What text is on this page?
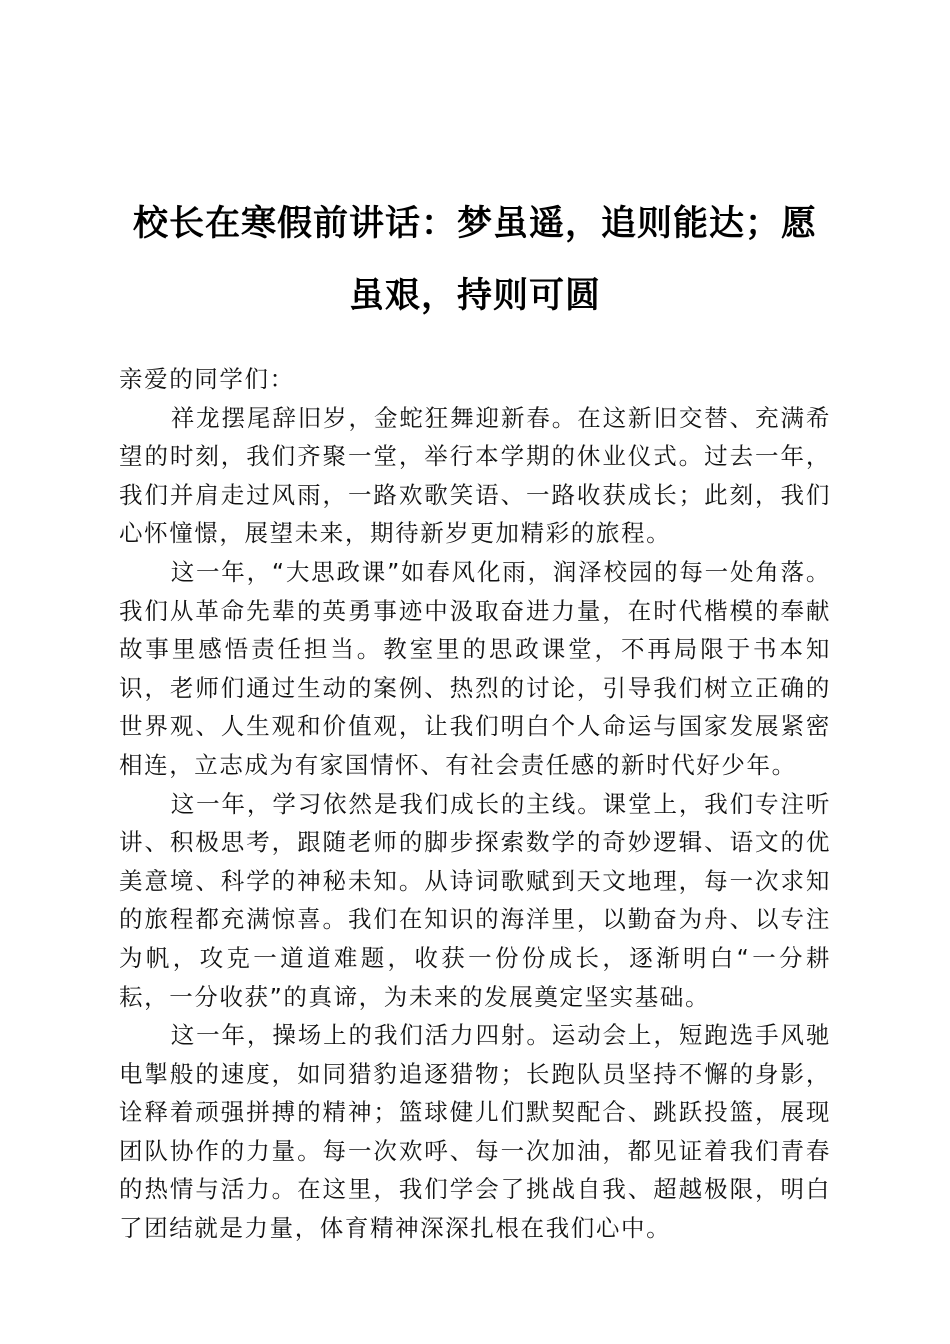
校长在寒假前讲话：梦虽遥，追则能达；愿虽艰，持则可圆

亲爱的同学们：

祥龙摆尾辞旧岁，金蛇狂舞迎新春。在这新旧交替、充满希望的时刻，我们齐聚一堂，举行本学期的休业仪式。过去一年，我们并肩走过风雨，一路欢歌笑语、一路收获成长；此刻，我们心怀憧憬，展望未来，期待新岁更加精彩的旅程。

这一年，“大思政课”如春风化雨，润泽校园的每一处角落。我们从革命先辈的英勇事迹中汲取奋进力量，在时代楷模的奉献故事里感悟责任担当。教室里的思政课堂，不再局限于书本知识，老师们通过生动的案例、热烈的讨论，引导我们树立正确的世界观、人生观和价值观，让我们明白个人命运与国家发展紧密相连，立志成为有家国情怀、有社会责任感的新时代好少年。

这一年，学习依然是我们成长的主线。课堂上，我们专注听讲、积极思考，跟随老师的脚步探索数学的奇妙逻辑、语文的优美意境、科学的神秘未知。从诗词歌赋到天文地理，每一次求知的旅程都充满惊喜。我们在知识的海洋里，以勤奋为舟、以专注为帆，攻克一道道难题，收获一份份成长，逐渐明白“一分耕耘，一分收获”的真谛，为未来的发展奠定坚实基础。

这一年，操场上的我们活力四射。运动会上，短跑选手风驰电掣般的速度，如同猎豹追逐猎物；长跑队员坚持不懈的身影，诠释着顽强拼搏的精神；篮球健儿们默契配合、跳跃投篮，展现团队协作的力量。每一次欢呼、每一次加油，都见证着我们青春的热情与活力。在这里，我们学会了挑战自我、超越极限，明白了团结就是力量，体育精神深深扎根在我们心中。
